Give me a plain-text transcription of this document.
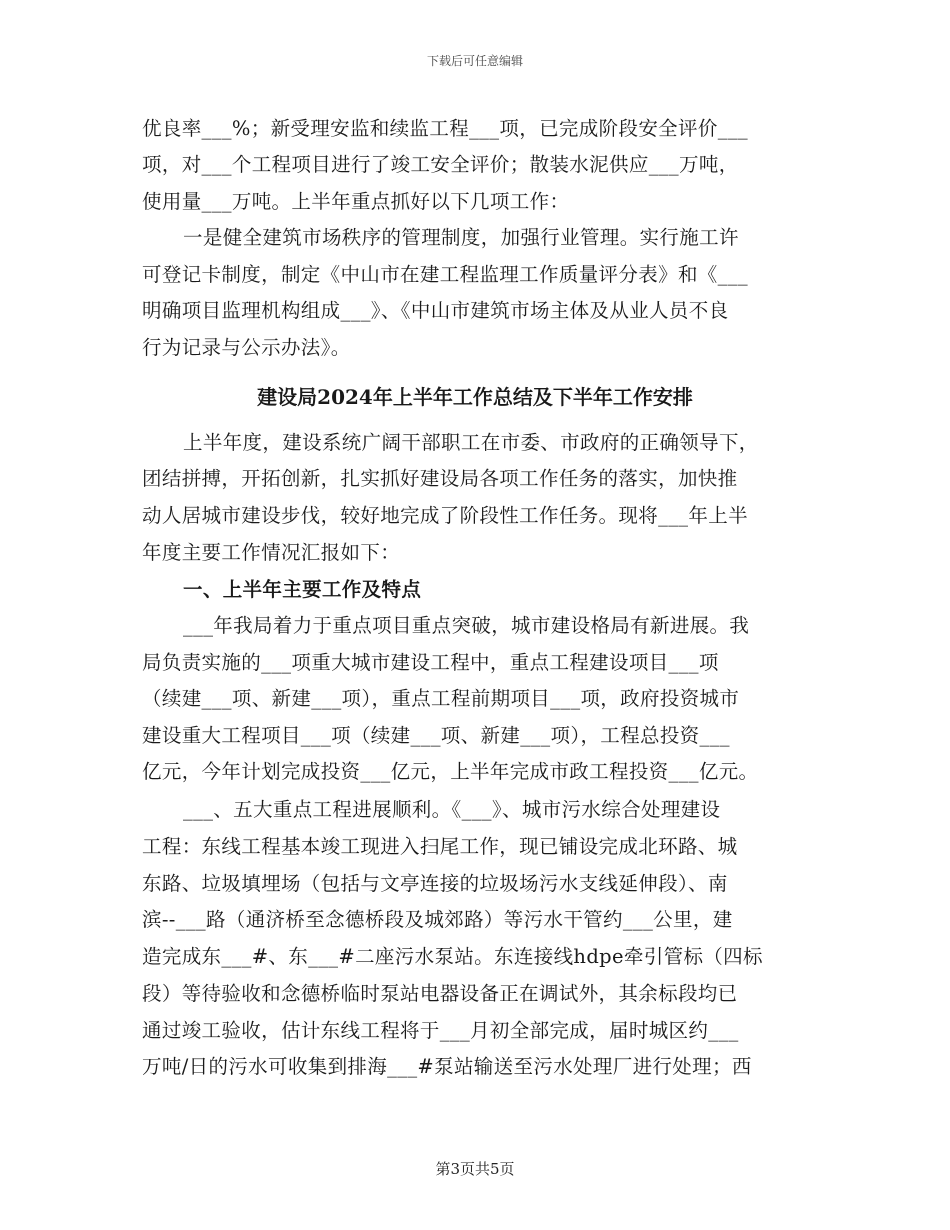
下载后可任意编辑
优良率___%；新受理安监和续监工程___项，已完成阶段安全评价___
项，对___个工程项目进行了竣工安全评价；散装水泥供应___万吨，
使用量___万吨。上半年重点抓好以下几项工作：
一是健全建筑市场秩序的管理制度，加强行业管理。实行施工许
可登记卡制度，制定《中山市在建工程监理工作质量评分表》和《___
明确项目监理机构组成___》、《中山市建筑市场主体及从业人员不良
行为记录与公示办法》。
建设局2024年上半年工作总结及下半年工作安排
上半年度，建设系统广阔干部职工在市委、市政府的正确领导下，
团结拼搏，开拓创新，扎实抓好建设局各项工作任务的落实，加快推
动人居城市建设步伐，较好地完成了阶段性工作任务。现将___年上半
年度主要工作情况汇报如下：
一、上半年主要工作及特点
___年我局着力于重点项目重点突破，城市建设格局有新进展。我
局负责实施的___项重大城市建设工程中，重点工程建设项目___项
（续建___项、新建___项），重点工程前期项目___项，政府投资城市
建设重大工程项目___项（续建___项、新建___项），工程总投资___
亿元，今年计划完成投资___亿元，上半年完成市政工程投资___亿元。
___、五大重点工程进展顺利。《___》、城市污水综合处理建设
工程：东线工程基本竣工现进入扫尾工作，现已铺设完成北环路、城
东路、垃圾填埋场（包括与文亭连接的垃圾场污水支线延伸段）、南
滨--___路（通济桥至念德桥段及城郊路）等污水干管约___公里，建
造完成东___#、东___#二座污水泵站。东连接线hdpe牵引管标（四标
段）等待验收和念德桥临时泵站电器设备正在调试外，其余标段均已
通过竣工验收，估计东线工程将于___月初全部完成，届时城区约___
万吨/日的污水可收集到排海___#泵站输送至污水处理厂进行处理；西
第3页共5页
